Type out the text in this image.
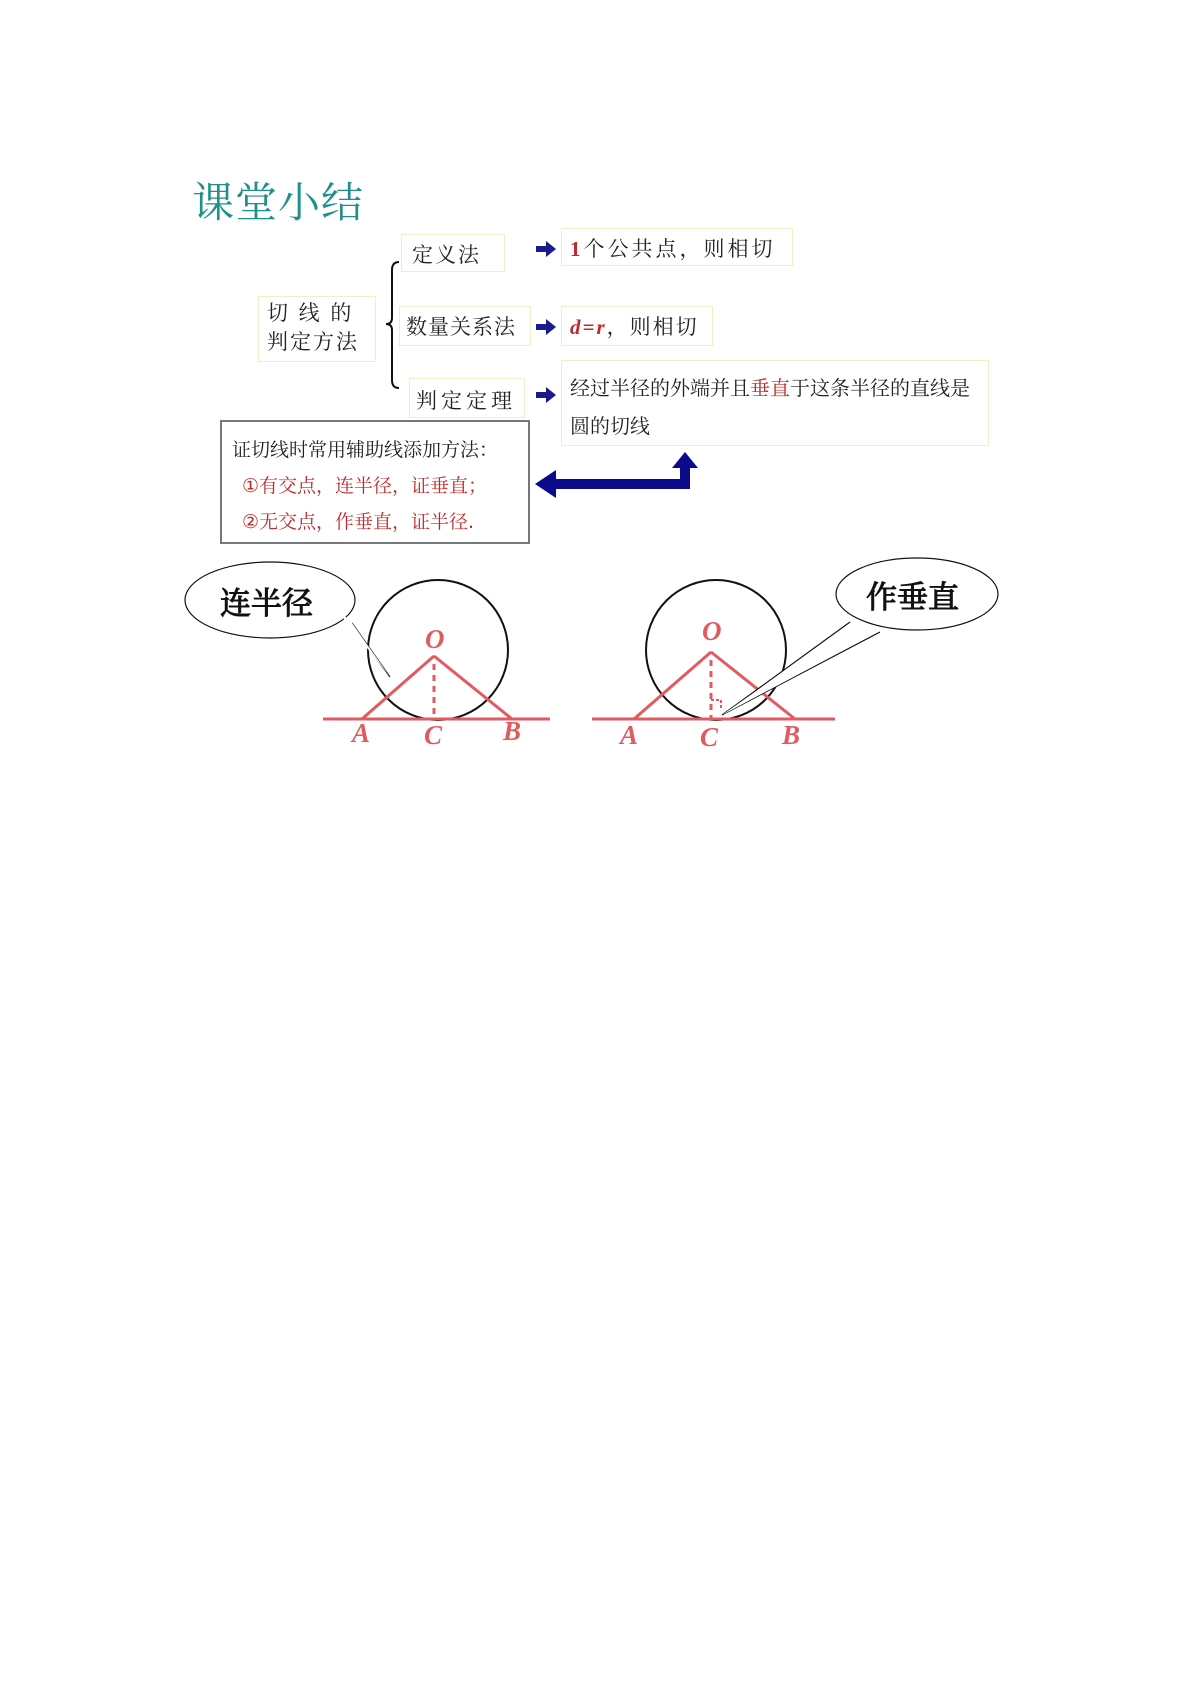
课堂小结
切 线 的
判定方法
定义法
数量关系法
判定定理
1个公共点，则相切
d=r，则相切
经过半径的外端并且垂直于这条半径的直线是圆的切线
证切线时常用辅助线添加方法：
①有交点，连半径，证垂直；
②无交点，作垂直，证半径.
连半径	作垂直
O
A C B
O
A C B
